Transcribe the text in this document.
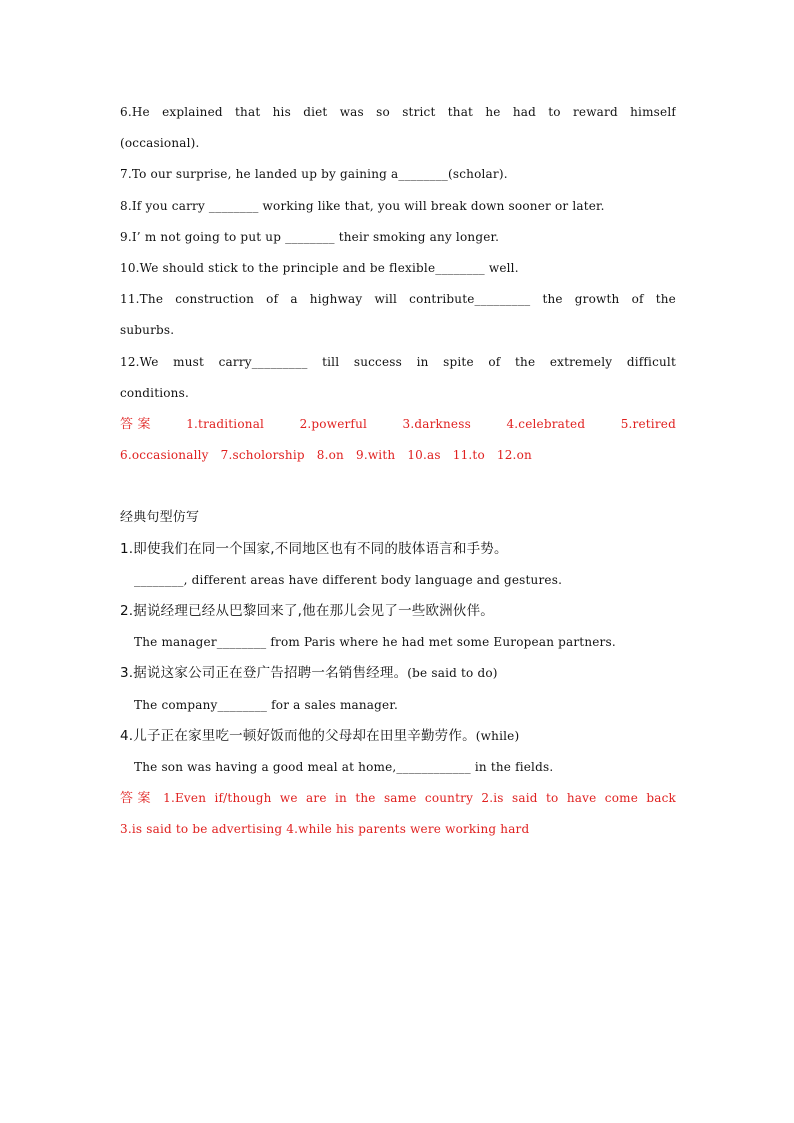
6.He explained that his diet was so strict that he had to reward himself
(occasional).
7.To our surprise, he landed up by gaining a________(scholar).
8.If you carry ________ working like that, you will break down sooner or later.
9.I’ m not going to put up ________ their smoking any longer.
10.We should stick to the principle and be flexible________ well.
11.The construction of a highway will contribute_________ the growth of the
suburbs.
12.We must carry_________ till success in spite of the extremely difficult
conditions.
答 案	1.traditional	2.powerful	3.darkness	4.celebrated	5.retired
6.occasionally 7.scholorship 8.on 9.with 10.as 11.to 12.on
经典句型仿写
1.即使我们在同一个国家,不同地区也有不同的肢体语言和手势。
________, different areas have different body language and gestures.
2.据说经理已经从巴黎回来了,他在那儿会见了一些欧洲伙伴。
The manager________ from Paris where he had met some European partners.
3.据说这家公司正在登广告招聘一名销售经理。(be said to do)
The company________ for a sales manager.
4.儿子正在家里吃一顿好饭而他的父母却在田里辛勤劳作。(while)
The son was having a good meal at home,____________ in the fields.
答案 1.Even if/though we are in the same country 2.is said to have come back
3.is said to be advertising 4.while his parents were working hard
